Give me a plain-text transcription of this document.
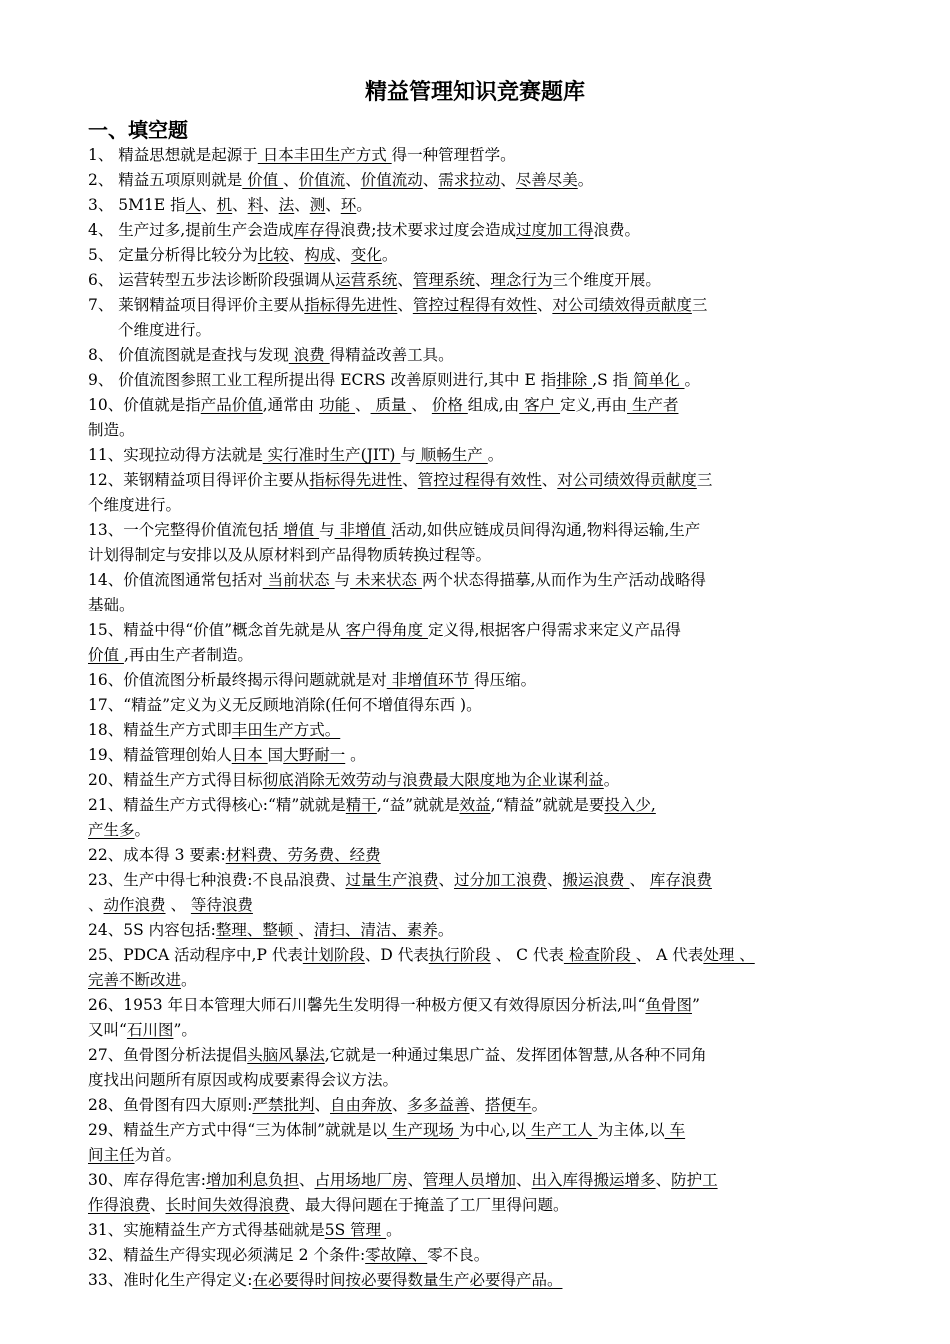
精益管理知识竞赛题库
一、填空题
1、 精益思想就是起源于 日本丰田生产方式 得一种管理哲学。
2、 精益五项原则就是 价值 、价值流、价值流动、需求拉动、尽善尽美。
3、 5M1E 指人、机、料、法、测、环。
4、 生产过多,提前生产会造成库存得浪费;技术要求过度会造成过度加工得浪费。
5、 定量分析得比较分为比较、构成、变化。
6、 运营转型五步法诊断阶段强调从运营系统、管理系统、理念行为三个维度开展。
7、 莱钢精益项目得评价主要从指标得先进性、管控过程得有效性、对公司绩效得贡献度三
个维度进行。
8、 价值流图就是查找与发现 浪费 得精益改善工具。
9、 价值流图参照工业工程所提出得 ECRS 改善原则进行,其中 E 指排除 ,S 指 简单化 。
10、价值就是指产品价值,通常由 功能 、 质量 、 价格 组成,由 客户 定义,再由 生产者
制造。
11、实现拉动得方法就是 实行准时生产(JIT) 与 顺畅生产 。
12、莱钢精益项目得评价主要从指标得先进性、管控过程得有效性、对公司绩效得贡献度三
个维度进行。
13、一个完整得价值流包括 增值 与 非增值 活动,如供应链成员间得沟通,物料得运输,生产
计划得制定与安排以及从原材料到产品得物质转换过程等。
14、价值流图通常包括对 当前状态 与 未来状态 两个状态得描摹,从而作为生产活动战略得
基础。
15、精益中得“价值”概念首先就是从 客户得角度 定义得,根据客户得需求来定义产品得
价值 ,再由生产者制造。
16、价值流图分析最终揭示得问题就就是对 非增值环节 得压缩。
17、“精益”定义为义无反顾地消除(任何不增值得东西 )。
18、精益生产方式即丰田生产方式。
19、精益管理创始人日本 国大野耐一 。
20、精益生产方式得目标彻底消除无效劳动与浪费最大限度地为企业谋利益。
21、精益生产方式得核心:“精”就就是精干,“益”就就是效益,“精益”就就是要投入少,
产生多。
22、成本得 3 要素:材料费、劳务费、经费
23、生产中得七种浪费:不良品浪费、过量生产浪费、过分加工浪费、搬运浪费 、 库存浪费
、动作浪费 、 等待浪费
24、5S 内容包括:整理、整顿 、清扫、清洁、素养。
25、PDCA 活动程序中,P 代表计划阶段、D 代表执行阶段 、 C 代表 检查阶段 、 A 代表处理 、
完善不断改进。
26、1953 年日本管理大师石川馨先生发明得一种极方便又有效得原因分析法,叫“鱼骨图”
又叫“石川图”。
27、鱼骨图分析法提倡头脑风暴法,它就是一种通过集思广益、发挥团体智慧,从各种不同角
度找出问题所有原因或构成要素得会议方法。
28、鱼骨图有四大原则:严禁批判、自由奔放、多多益善、搭便车。
29、精益生产方式中得“三为体制”就就是以 生产现场 为中心,以 生产工人 为主体,以 车
间主任为首。
30、库存得危害:增加利息负担、占用场地厂房、管理人员增加、出入库得搬运增多、防护工
作得浪费、长时间失效得浪费、最大得问题在于掩盖了工厂里得问题。
31、实施精益生产方式得基础就是5S 管理 。
32、精益生产得实现必须满足 2 个条件:零故障、零不良。
33、准时化生产得定义:在必要得时间按必要得数量生产必要得产品。
